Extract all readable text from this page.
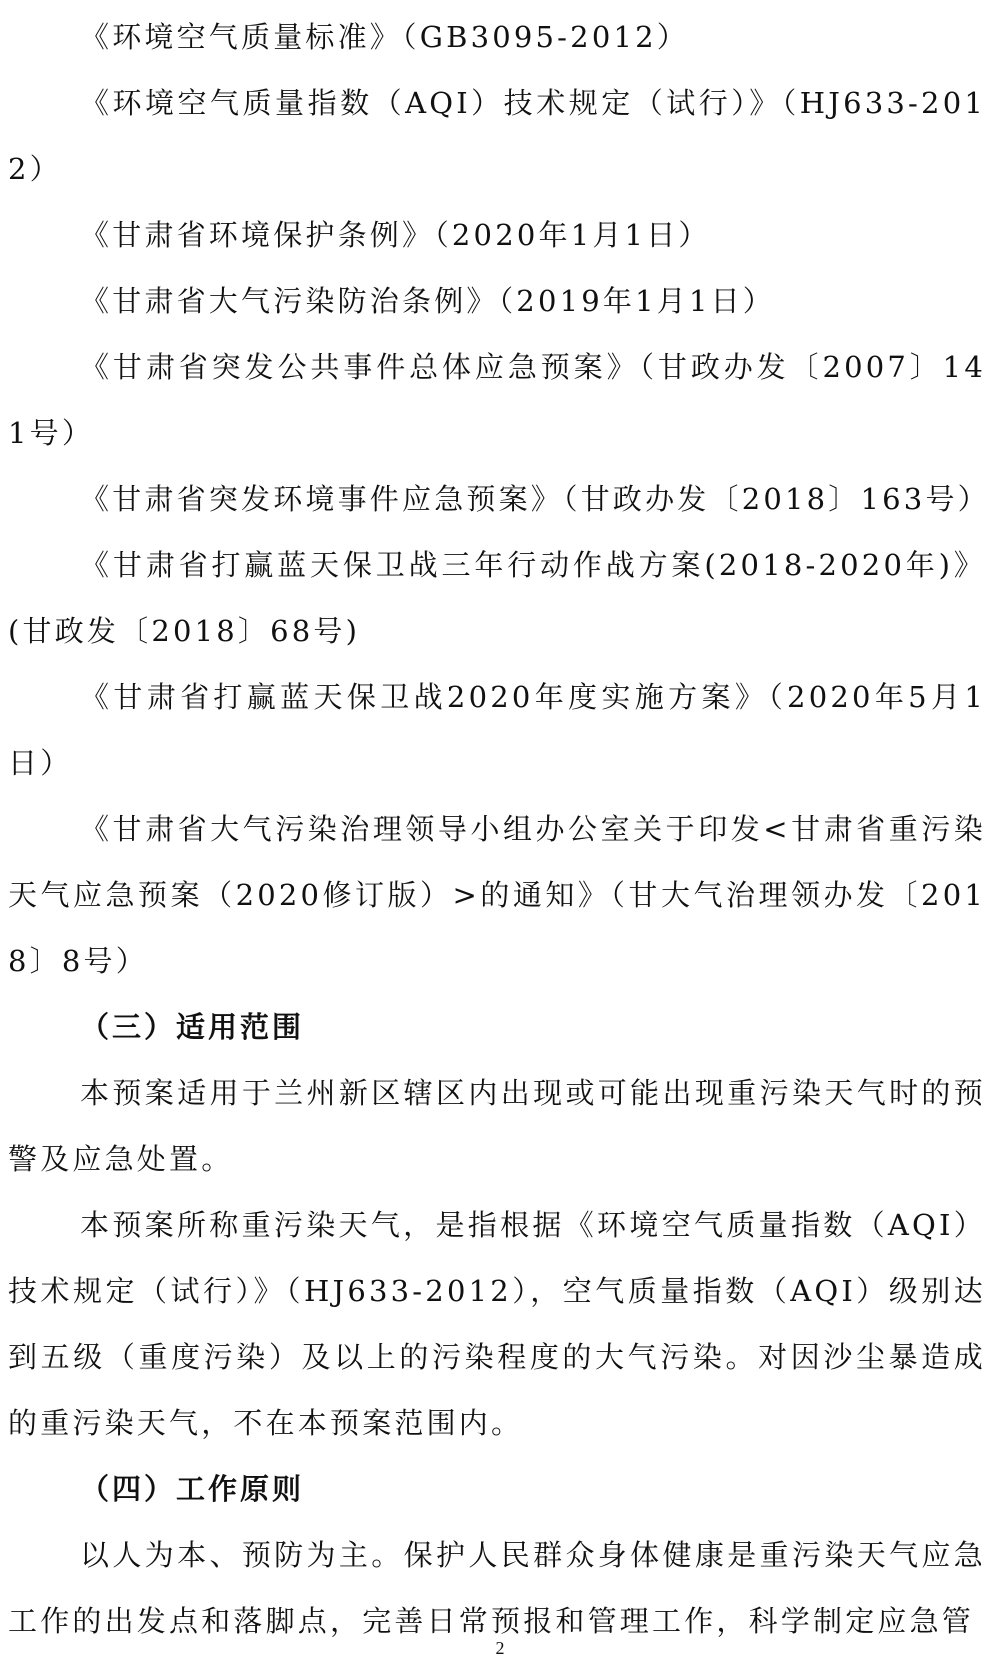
《环境空气质量标准》（GB3095-2012）

《环境空气质量指数（AQI）技术规定（试行）》（HJ633-2012）

《甘肃省环境保护条例》（2020年1月1日）

《甘肃省大气污染防治条例》（2019年1月1日）

《甘肃省突发公共事件总体应急预案》（甘政办发〔2007〕141号）

《甘肃省突发环境事件应急预案》（甘政办发〔2018〕163号）

《甘肃省打赢蓝天保卫战三年行动作战方案(2018-2020年)》(甘政发〔2018〕68号)

《甘肃省打赢蓝天保卫战2020年度实施方案》（2020年5月1日）

《甘肃省大气污染治理领导小组办公室关于印发<甘肃省重污染天气应急预案（2020修订版）>的通知》（甘大气治理领办发〔2018〕8号）

（三）适用范围

本预案适用于兰州新区辖区内出现或可能出现重污染天气时的预警及应急处置。

本预案所称重污染天气，是指根据《环境空气质量指数（AQI）技术规定（试行）》（HJ633-2012），空气质量指数（AQI）级别达到五级（重度污染）及以上的污染程度的大气污染。对因沙尘暴造成的重污染天气，不在本预案范围内。

（四）工作原则

以人为本、预防为主。保护人民群众身体健康是重污染天气应急工作的出发点和落脚点，完善日常预报和管理工作，科学制定应急管

2
